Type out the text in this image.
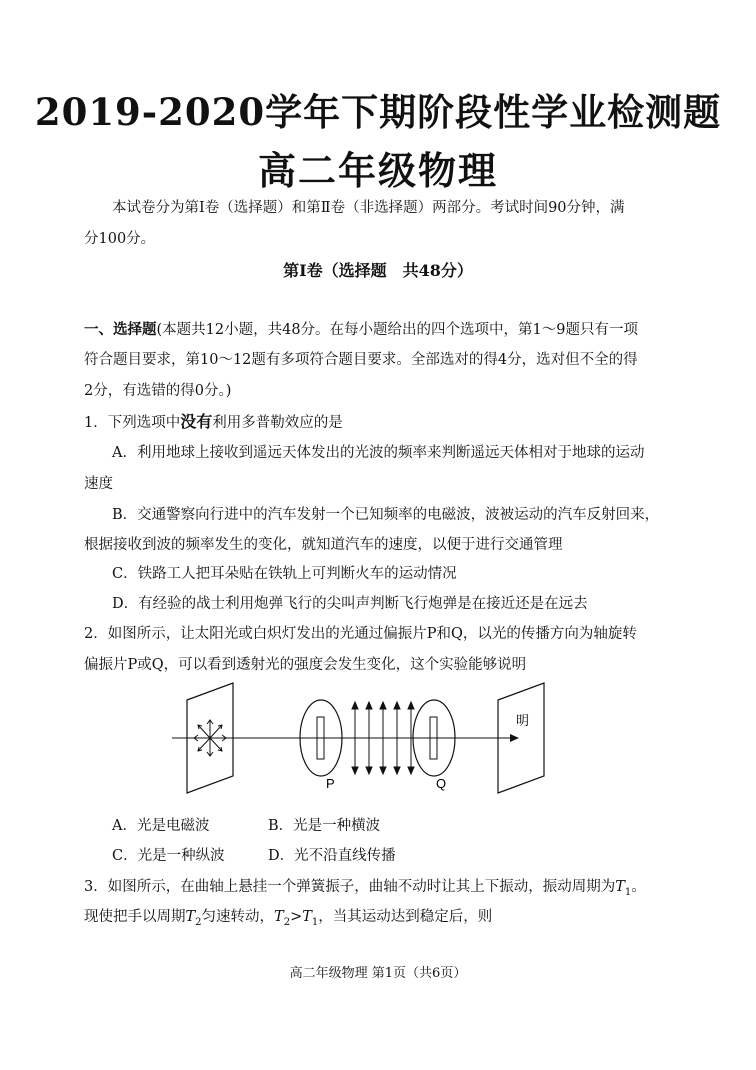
2019-2020学年下期阶段性学业检测题
高二年级物理
本试卷分为第Ⅰ卷（选择题）和第Ⅱ卷（非选择题）两部分。考试时间90分钟，满
分100分。
第Ⅰ卷（选择题　共48分）
一、选择题(本题共12小题，共48分。在每小题给出的四个选项中，第1～9题只有一项
符合题目要求，第10～12题有多项符合题目要求。全部选对的得4分，选对但不全的得
2分，有选错的得0分。)
1．下列选项中没有利用多普勒效应的是
A．利用地球上接收到遥远天体发出的光波的频率来判断遥远天体相对于地球的运动
速度
B．交通警察向行进中的汽车发射一个已知频率的电磁波，波被运动的汽车反射回来，
根据接收到波的频率发生的变化，就知道汽车的速度，以便于进行交通管理
C．铁路工人把耳朵贴在铁轨上可判断火车的运动情况
D．有经验的战士利用炮弹飞行的尖叫声判断飞行炮弹是在接近还是在远去
2．如图所示，让太阳光或白炽灯发出的光通过偏振片P和Q，以光的传播方向为轴旋转
偏振片P或Q，可以看到透射光的强度会发生变化，这个实验能够说明
明
P	Q
A．光是电磁波	B．光是一种横波
C．光是一种纵波	D．光不沿直线传播
3．如图所示，在曲轴上悬挂一个弹簧振子，曲轴不动时让其上下振动，振动周期为$T_1$。
现使把手以周期$T_2$匀速转动，$T_2>T_1$，当其运动达到稳定后，则
高二年级物理 第1页（共6页）
